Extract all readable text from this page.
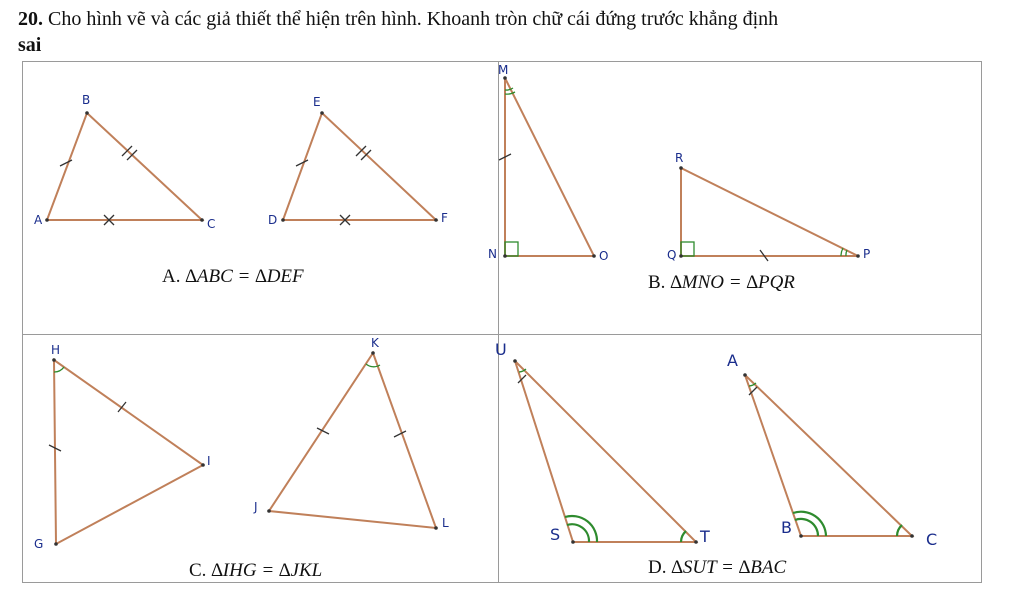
20. Cho hình vẽ và các giả thiết thể hiện trên hình. Khoanh tròn chữ cái đứng trước khẳng định
sai
A
B
C	D
E
F
M
N	O
R
Q	P
H
I
G
K
J
L
U
S	T
A
B
C
A. ∆ABC = ∆DEF	B. ∆MNO = ∆PQR
C. ∆IHG = ∆JKL	D. ∆SUT = ∆BAC
